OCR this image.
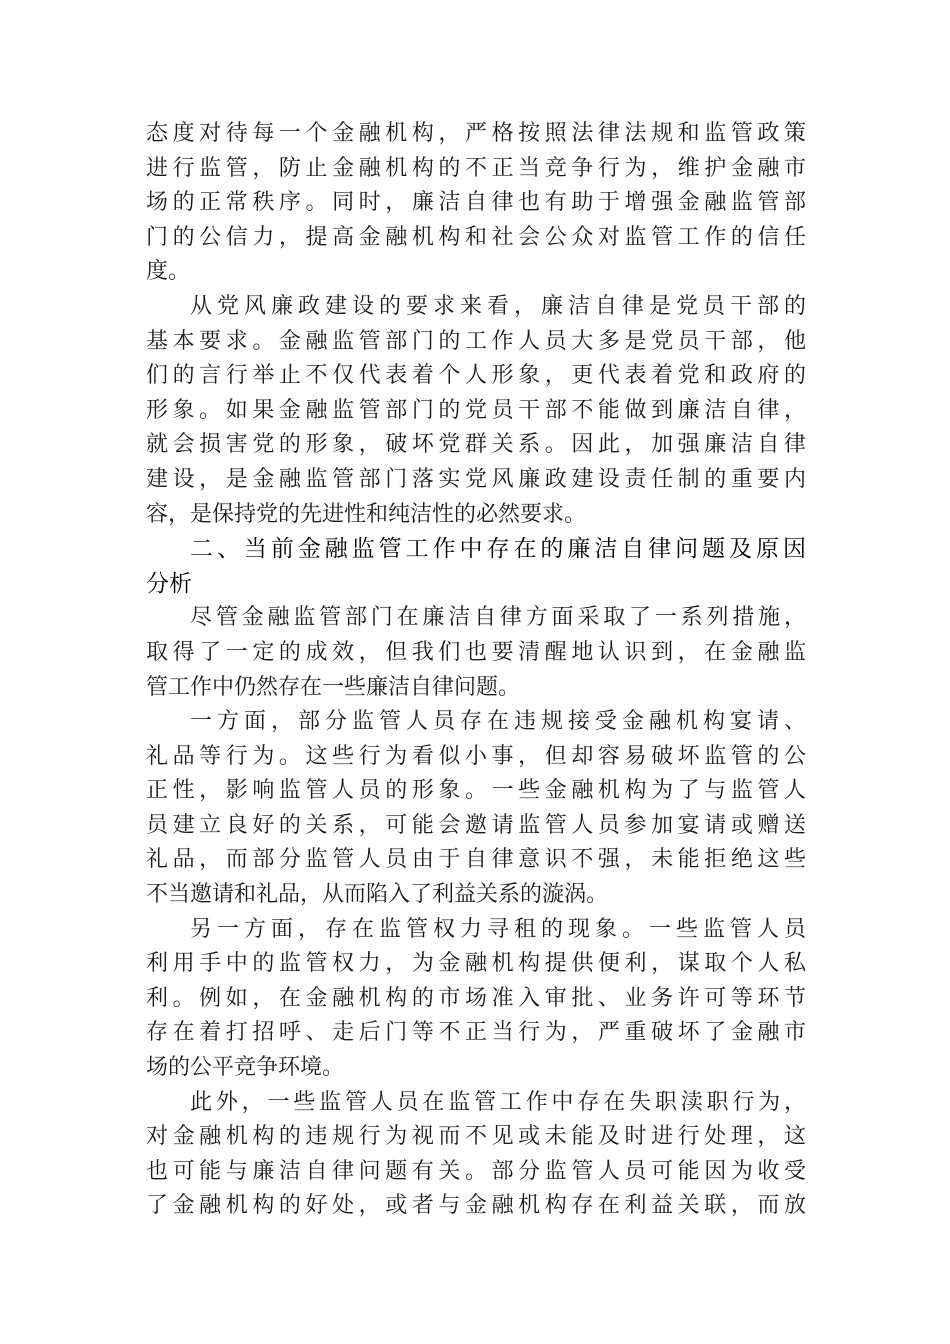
态度对待每一个金融机构，严格按照法律法规和监管政策
进行监管，防止金融机构的不正当竞争行为，维护金融市
场的正常秩序。同时，廉洁自律也有助于增强金融监管部
门的公信力，提高金融机构和社会公众对监管工作的信任
度。
从党风廉政建设的要求来看，廉洁自律是党员干部的
基本要求。金融监管部门的工作人员大多是党员干部，他
们的言行举止不仅代表着个人形象，更代表着党和政府的
形象。如果金融监管部门的党员干部不能做到廉洁自律，
就会损害党的形象，破坏党群关系。因此，加强廉洁自律
建设，是金融监管部门落实党风廉政建设责任制的重要内
容，是保持党的先进性和纯洁性的必然要求。
二、当前金融监管工作中存在的廉洁自律问题及原因
分析
尽管金融监管部门在廉洁自律方面采取了一系列措施，
取得了一定的成效，但我们也要清醒地认识到，在金融监
管工作中仍然存在一些廉洁自律问题。
一方面，部分监管人员存在违规接受金融机构宴请、
礼品等行为。这些行为看似小事，但却容易破坏监管的公
正性，影响监管人员的形象。一些金融机构为了与监管人
员建立良好的关系，可能会邀请监管人员参加宴请或赠送
礼品，而部分监管人员由于自律意识不强，未能拒绝这些
不当邀请和礼品，从而陷入了利益关系的漩涡。
另一方面，存在监管权力寻租的现象。一些监管人员
利用手中的监管权力，为金融机构提供便利，谋取个人私
利。例如，在金融机构的市场准入审批、业务许可等环节
存在着打招呼、走后门等不正当行为，严重破坏了金融市
场的公平竞争环境。
此外，一些监管人员在监管工作中存在失职渎职行为，
对金融机构的违规行为视而不见或未能及时进行处理，这
也可能与廉洁自律问题有关。部分监管人员可能因为收受
了金融机构的好处，或者与金融机构存在利益关联，而放
